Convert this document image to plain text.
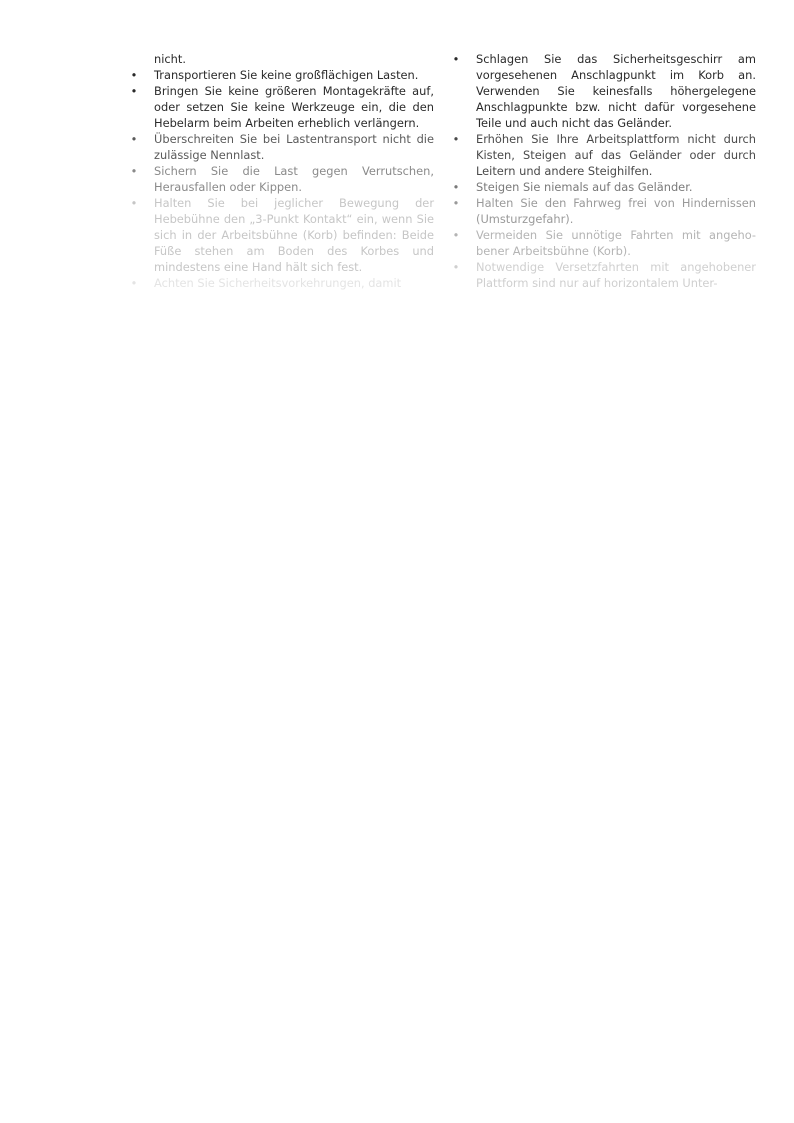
nicht.

• Transportieren Sie keine großflächigen Lasten.
• Bringen Sie keine größeren Montagekräfte auf, oder setzen Sie keine Werkzeuge ein, die den Hebelarm beim Arbeiten erheblich verlängern.
• Überschreiten Sie bei Lastentransport nicht die zulässige Nennlast.
• Sichern Sie die Last gegen Verrutschen, Herausfallen oder Kippen.
• Halten Sie bei jeglicher Bewegung der Hebebühne den „3-Punkt Kontakt“ ein, wenn Sie sich in der Arbeitsbühne (Korb) befinden: Beide Füße stehen am Boden des Korbes und mindestens eine Hand hält sich fest.
• Achten Sie Sicherheitsvorkehrungen, damit
• Schlagen Sie das Sicherheitsgeschirr am vorgesehenen Anschlagpunkt im Korb an. Verwenden Sie keinesfalls höhergelegene Anschlagpunkte bzw. nicht dafür vorgesehene Teile und auch nicht das Geländer.
• Erhöhen Sie Ihre Arbeitsplattform nicht durch Kisten, Steigen auf das Geländer oder durch Leitern und andere Steighilfen.
• Steigen Sie niemals auf das Geländer.
• Halten Sie den Fahrweg frei von Hindernissen (Umsturzgefahr).
• Vermeiden Sie unnötige Fahrten mit angeho-bener Arbeitsbühne (Korb).
• Notwendige Versetzfahrten mit angehobener Plattform sind nur auf horizontalem Unter-
